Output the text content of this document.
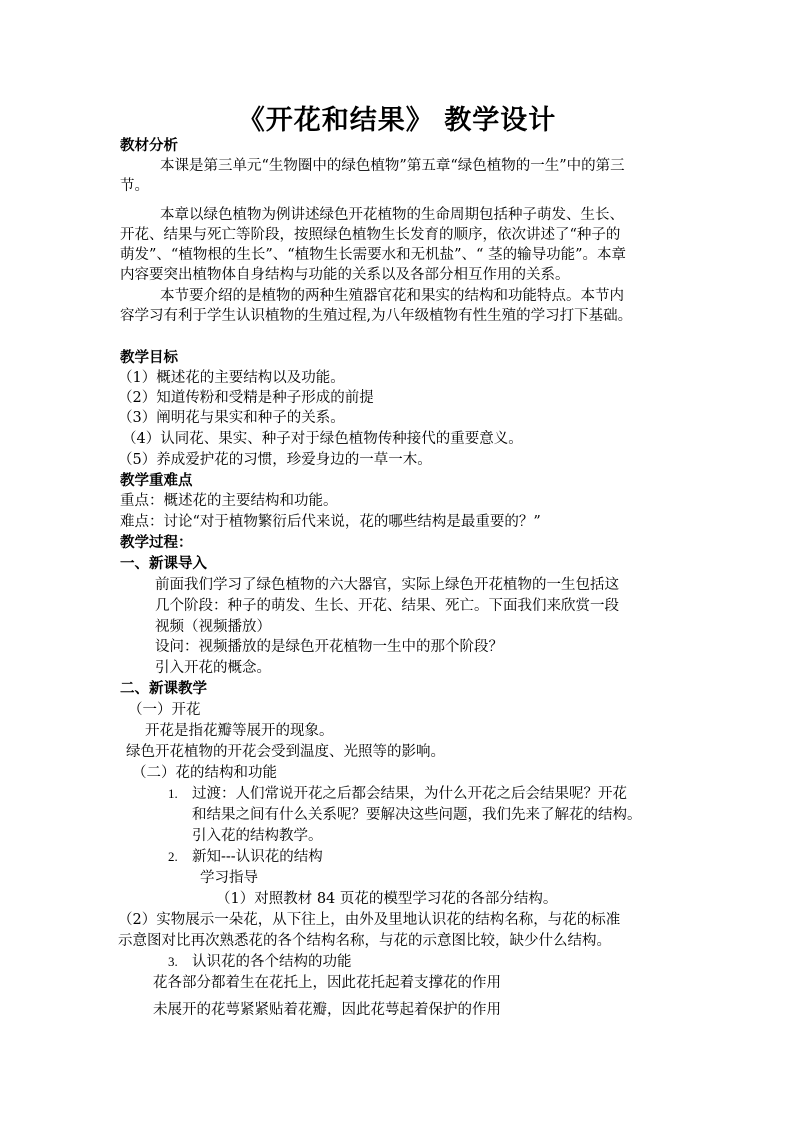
《开花和结果》 教学设计
教材分析
本课是第三单元“生物圈中的绿色植物”第五章“绿色植物的一生”中的第三
节。
本章以绿色植物为例讲述绿色开花植物的生命周期包括种子萌发、生长、
开花、结果与死亡等阶段，按照绿色植物生长发育的顺序，依次讲述了“种子的
萌发”、“植物根的生长”、“植物生长需要水和无机盐”、“ 茎的输导功能”。本章
内容要突出植物体自身结构与功能的关系以及各部分相互作用的关系。
本节要介绍的是植物的两种生殖器官花和果实的结构和功能特点。本节内
容学习有利于学生认识植物的生殖过程,为八年级植物有性生殖的学习打下基础。
教学目标
（1）概述花的主要结构以及功能。
（2）知道传粉和受精是种子形成的前提
（3）阐明花与果实和种子的关系。
（4）认同花、果实、种子对于绿色植物传种接代的重要意义。
（5）养成爱护花的习惯，珍爱身边的一草一木。
教学重难点
重点：概述花的主要结构和功能。
难点：讨论“对于植物繁衍后代来说，花的哪些结构是最重要的？”
教学过程：
一、新课导入
前面我们学习了绿色植物的六大器官，实际上绿色开花植物的一生包括这
几个阶段：种子的萌发、生长、开花、结果、死亡。下面我们来欣赏一段
视频（视频播放）
设问：视频播放的是绿色开花植物一生中的那个阶段？
引入开花的概念。
二、新课教学
（一）开花
开花是指花瓣等展开的现象。
绿色开花植物的开花会受到温度、光照等的影响。
（二）花的结构和功能
1. 过渡：人们常说开花之后都会结果，为什么开花之后会结果呢？开花
和结果之间有什么关系呢？要解决这些问题，我们先来了解花的结构。
引入花的结构教学。
2. 新知---认识花的结构
学习指导
（1）对照教材 84 页花的模型学习花的各部分结构。
（2）实物展示一朵花，从下往上，由外及里地认识花的结构名称，与花的标准
示意图对比再次熟悉花的各个结构名称，与花的示意图比较，缺少什么结构。
3. 认识花的各个结构的功能
花各部分都着生在花托上，因此花托起着支撑花的作用
未展开的花萼紧紧贴着花瓣，因此花萼起着保护的作用
